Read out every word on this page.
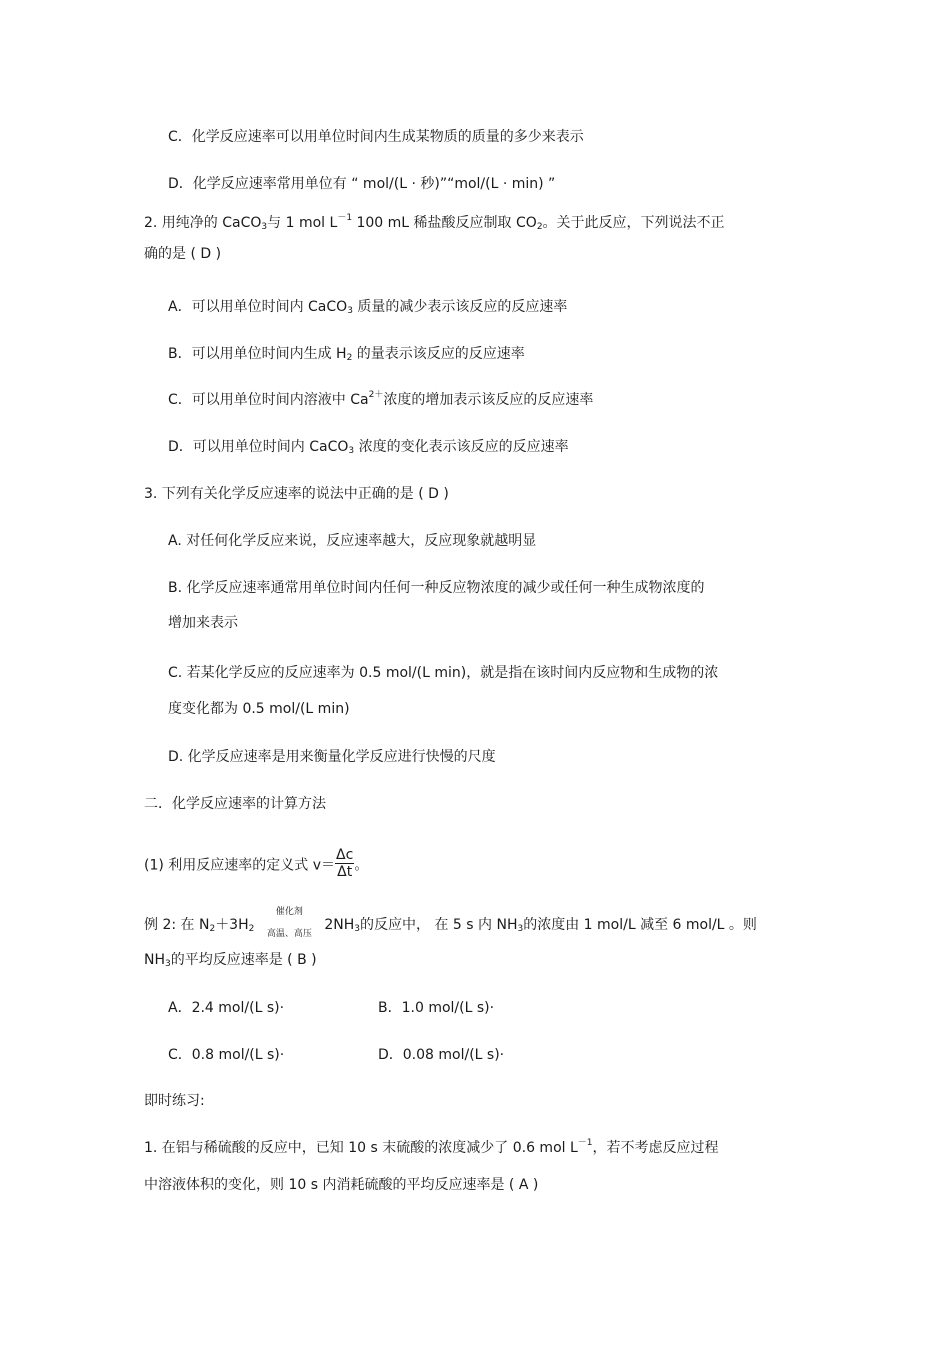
C．化学反应速率可以用单位时间内生成某物质的质量的多少来表示
D．化学反应速率常用单位有 “ mol/(L · 秒)”“mol/(L · min) ”
2. 用纯净的 CaCO$_3$与 1 mol $L^{-1}$ 100 mL 稀盐酸反应制取 $CO_2$。关于此反应，下列说法不正
确的是 ( D )
A．可以用单位时间内 CaCO$_3$ 质量的减少表示该反应的反应速率
B．可以用单位时间内生成 $H_2$ 的量表示该反应的反应速率
C．可以用单位时间内溶液中 $Ca^{2+}$浓度的增加表示该反应的反应速率
D．可以用单位时间内 CaCO$_3$ 浓度的变化表示该反应的反应速率
3. 下列有关化学反应速率的说法中正确的是 ( D )
A. 对任何化学反应来说，反应速率越大，反应现象就越明显
B. 化学反应速率通常用单位时间内任何一种反应物浓度的减少或任何一种生成物浓度的
增加来表示
C. 若某化学反应的反应速率为 0.5 mol/(L min)，就是指在该时间内反应物和生成物的浓
度变化都为 0.5 mol/(L min)
D. 化学反应速率是用来衡量化学反应进行快慢的尺度
二．化学反应速率的计算方法
(1) 利用反应速率的定义式 $v= \frac{\Delta c}{\Delta t}$ 。
例 2: 在 $N_2+3H_2$
催化剂
高温、高压
$2NH_3$的反应中， 在 5 s 内 $NH_3$的浓度由 1 mol/L 减至 6 mol/L 。则
$NH_3$的平均反应速率是 ( B )
A．2.4 mol/(L s)·	B．1.0 mol/(L s)·
C．0.8 mol/(L s)·	D．0.08 mol/(L s)·
即时练习:
1. 在铝与稀硫酸的反应中，已知 10 s 末硫酸的浓度减少了 0.6 mol $L^{-1}$，若不考虑反应过程
中溶液体积的变化，则 10 s 内消耗硫酸的平均反应速率是 ( A )
